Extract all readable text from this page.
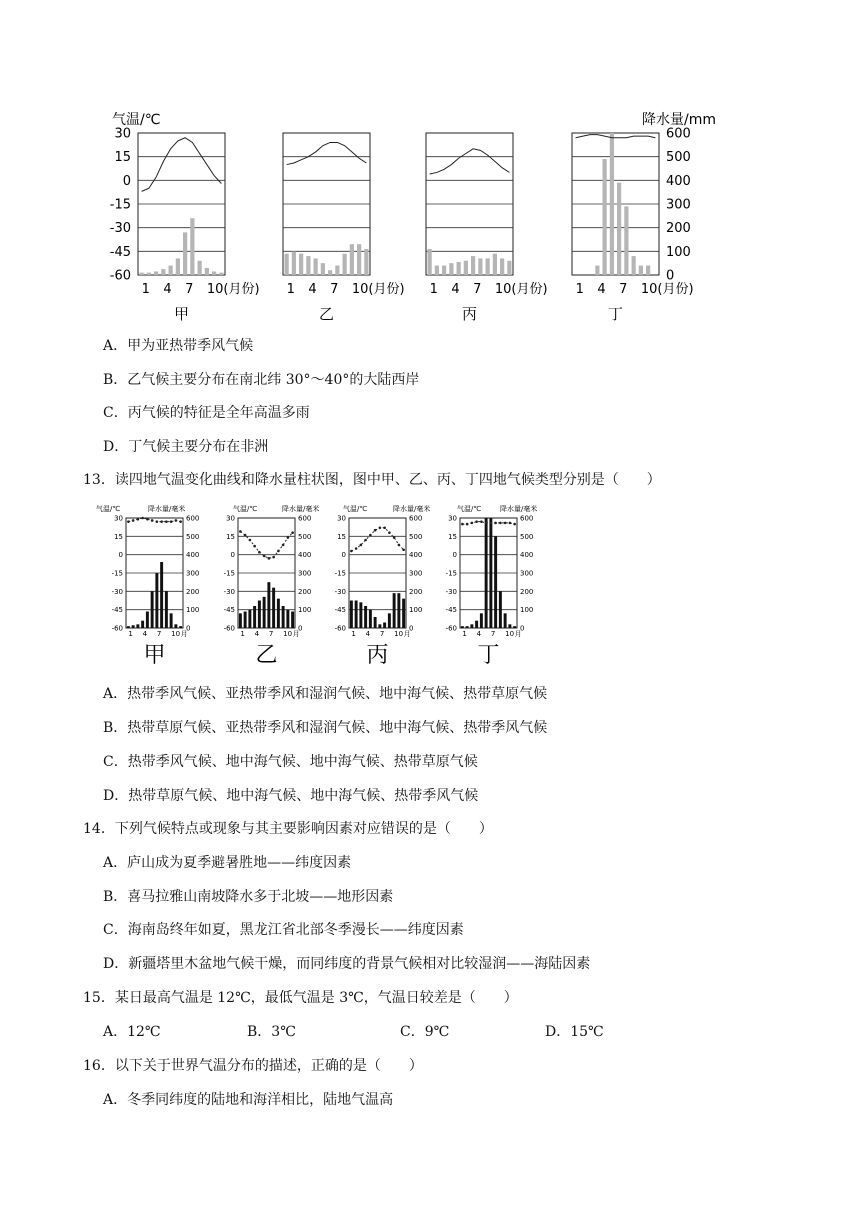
气温/℃	降水量/mm
30
15
0
-15
-30
-45
-60
1 4 7 10(月份)
甲
1 4 7 10(月份)
乙
1 4 7 10(月份)
丙
600
500
400
300
200
100
0
1 4 7 10(月份)
丁
A．甲为亚热带季风气候
B．乙气候主要分布在南北纬 30°～40°的大陆西岸
C．丙气候的特征是全年高温多雨
D．丁气候主要分布在非洲
13．读四地气温变化曲线和降水量柱状图，图中甲、乙、丙、丁四地气候类型分别是（　　）
气温/℃	降水量/毫米	气温/℃	降水量/毫米	气温/℃	降水量/毫米	气温/℃	降水量/毫米
30
15
0
-15
-30
-45
-60
600
500
400
300
200
100
0
1 4 7 10 月
甲
30
15
0
-15
-30
-45
-60
600
500
400
300
200
100
0
1 4 7 10 月
乙
30
15
0
-15
-30
-45
-60
600
500
400
300
200
100
0
1 4 7 10 月
丙
30
15
0
-15
-30
-45
-60
600
500
400
300
200
100
0
1 4 7 10 月
丁
A．热带季风气候、亚热带季风和湿润气候、地中海气候、热带草原气候
B．热带草原气候、亚热带季风和湿润气候、地中海气候、热带季风气候
C．热带季风气候、地中海气候、地中海气候、热带草原气候
D．热带草原气候、地中海气候、地中海气候、热带季风气候
14．下列气候特点或现象与其主要影响因素对应错误的是（　　）
A．庐山成为夏季避暑胜地——纬度因素
B．喜马拉雅山南坡降水多于北坡——地形因素
C．海南岛终年如夏，黑龙江省北部冬季漫长——纬度因素
D．新疆塔里木盆地气候干燥，而同纬度的背景气候相对比较湿润——海陆因素
15．某日最高气温是 12℃，最低气温是 3℃，气温日较差是（　　）
A．12℃	B．3℃	C．9℃	D．15℃
16．以下关于世界气温分布的描述，正确的是（　　）
A．冬季同纬度的陆地和海洋相比，陆地气温高
